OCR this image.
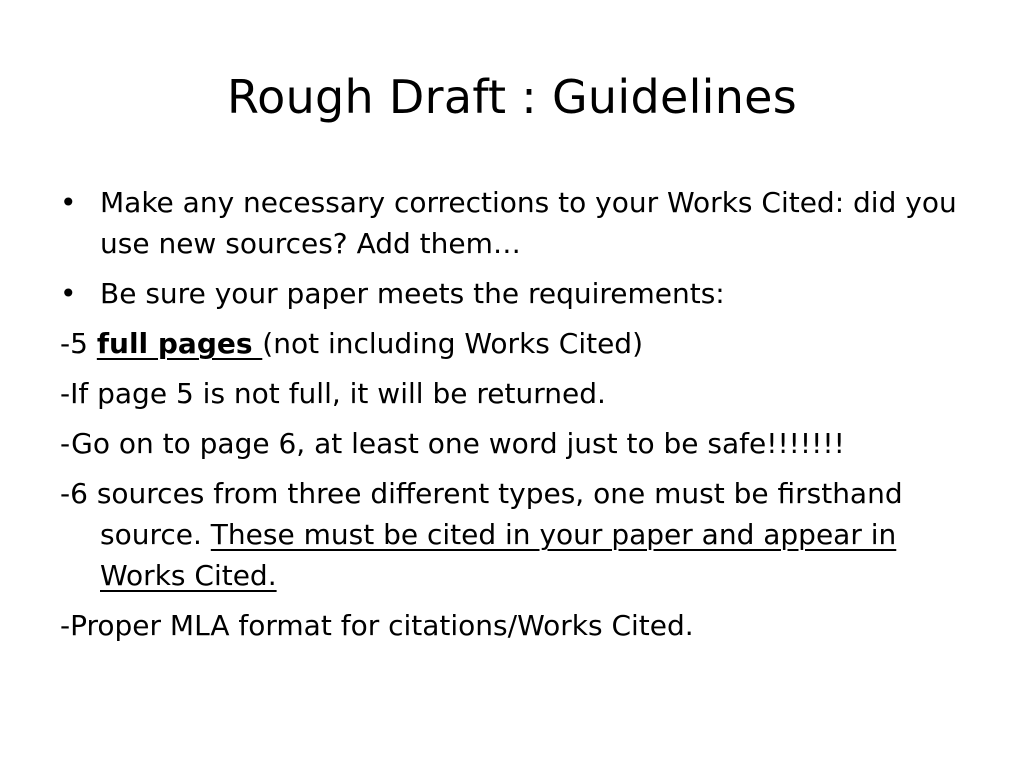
Rough Draft : Guidelines

• Make any necessary corrections to your Works Cited: did you use new sources? Add them…

• Be sure your paper meets the requirements:

-5 full pages (not including Works Cited)

-If page 5 is not full, it will be returned.

-Go on to page 6, at least one word just to be safe!!!!!!!

-6 sources from three different types, one must be firsthand source. These must be cited in your paper and appear in Works Cited.

-Proper MLA format for citations/Works Cited.
